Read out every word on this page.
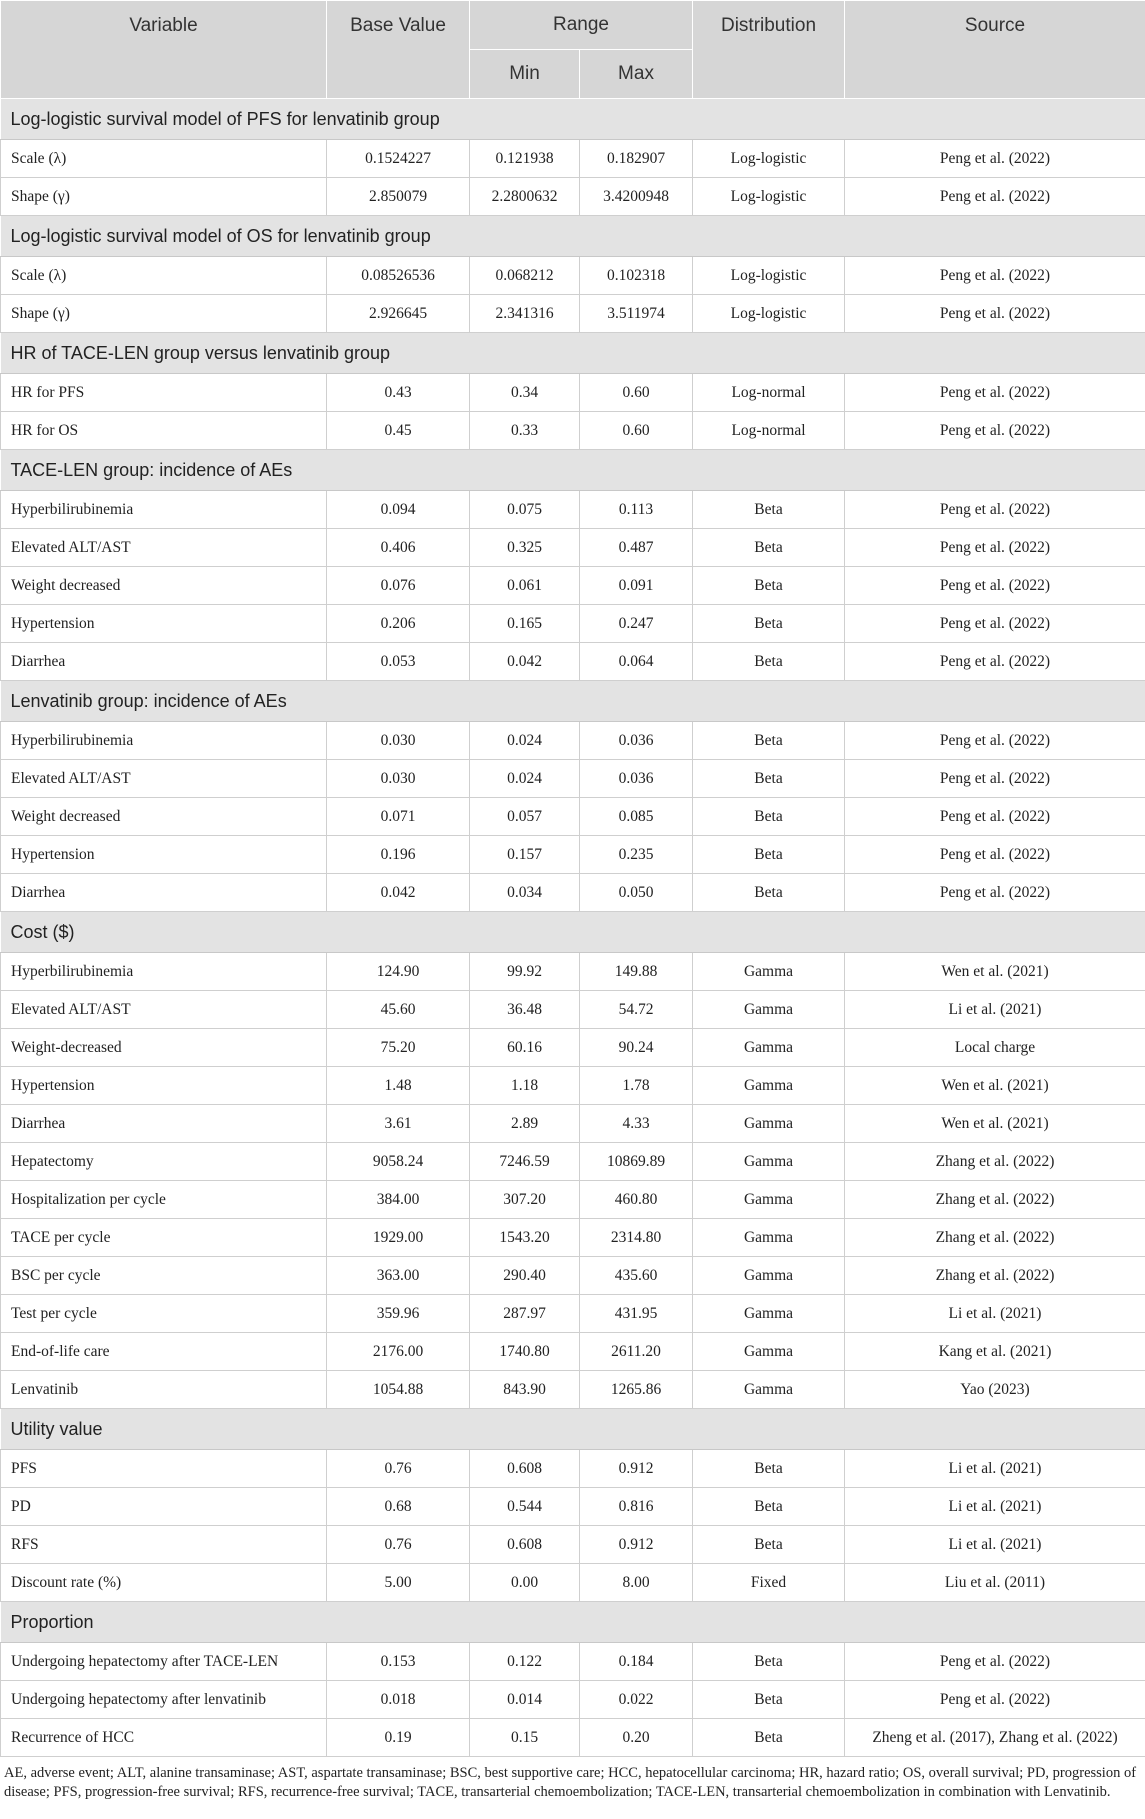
Variable	Base Value	Range		Distribution	Source
		Min	Max		
Log-logistic survival model of PFS for lenvatinib group					
Scale (λ)	0.1524227	0.121938	0.182907	Log-logistic	Peng et al. (2022)
Shape (γ)	2.850079	2.2800632	3.4200948	Log-logistic	Peng et al. (2022)
Log-logistic survival model of OS for lenvatinib group					
Scale (λ)	0.08526536	0.068212	0.102318	Log-logistic	Peng et al. (2022)
Shape (γ)	2.926645	2.341316	3.511974	Log-logistic	Peng et al. (2022)
HR of TACE-LEN group versus lenvatinib group					
HR for PFS	0.43	0.34	0.60	Log-normal	Peng et al. (2022)
HR for OS	0.45	0.33	0.60	Log-normal	Peng et al. (2022)
TACE-LEN group: incidence of AEs					
Hyperbilirubinemia	0.094	0.075	0.113	Beta	Peng et al. (2022)
Elevated ALT/AST	0.406	0.325	0.487	Beta	Peng et al. (2022)
Weight decreased	0.076	0.061	0.091	Beta	Peng et al. (2022)
Hypertension	0.206	0.165	0.247	Beta	Peng et al. (2022)
Diarrhea	0.053	0.042	0.064	Beta	Peng et al. (2022)
Lenvatinib group: incidence of AEs					
Hyperbilirubinemia	0.030	0.024	0.036	Beta	Peng et al. (2022)
Elevated ALT/AST	0.030	0.024	0.036	Beta	Peng et al. (2022)
Weight decreased	0.071	0.057	0.085	Beta	Peng et al. (2022)
Hypertension	0.196	0.157	0.235	Beta	Peng et al. (2022)
Diarrhea	0.042	0.034	0.050	Beta	Peng et al. (2022)
Cost ($)					
Hyperbilirubinemia	124.90	99.92	149.88	Gamma	Wen et al. (2021)
Elevated ALT/AST	45.60	36.48	54.72	Gamma	Li et al. (2021)
Weight-decreased	75.20	60.16	90.24	Gamma	Local charge
Hypertension	1.48	1.18	1.78	Gamma	Wen et al. (2021)
Diarrhea	3.61	2.89	4.33	Gamma	Wen et al. (2021)
Hepatectomy	9058.24	7246.59	10869.89	Gamma	Zhang et al. (2022)
Hospitalization per cycle	384.00	307.20	460.80	Gamma	Zhang et al. (2022)
TACE per cycle	1929.00	1543.20	2314.80	Gamma	Zhang et al. (2022)
BSC per cycle	363.00	290.40	435.60	Gamma	Zhang et al. (2022)
Test per cycle	359.96	287.97	431.95	Gamma	Li et al. (2021)
End-of-life care	2176.00	1740.80	2611.20	Gamma	Kang et al. (2021)
Lenvatinib	1054.88	843.90	1265.86	Gamma	Yao (2023)
Utility value					
PFS	0.76	0.608	0.912	Beta	Li et al. (2021)
PD	0.68	0.544	0.816	Beta	Li et al. (2021)
RFS	0.76	0.608	0.912	Beta	Li et al. (2021)
Discount rate (%)	5.00	0.00	8.00	Fixed	Liu et al. (2011)
Proportion					
Undergoing hepatectomy after TACE-LEN	0.153	0.122	0.184	Beta	Peng et al. (2022)
Undergoing hepatectomy after lenvatinib	0.018	0.014	0.022	Beta	Peng et al. (2022)
Recurrence of HCC	0.19	0.15	0.20	Beta	Zheng et al. (2017), Zhang et al. (2022)
AE, adverse event; ALT, alanine transaminase; AST, aspartate transaminase; BSC, best supportive care; HCC, hepatocellular carcinoma; HR, hazard ratio; OS, overall survival; PD, progression of disease; PFS, progression-free survival; RFS, recurrence-free survival; TACE, transarterial chemoembolization; TACE-LEN, transarterial chemoembolization in combination with Lenvatinib.
